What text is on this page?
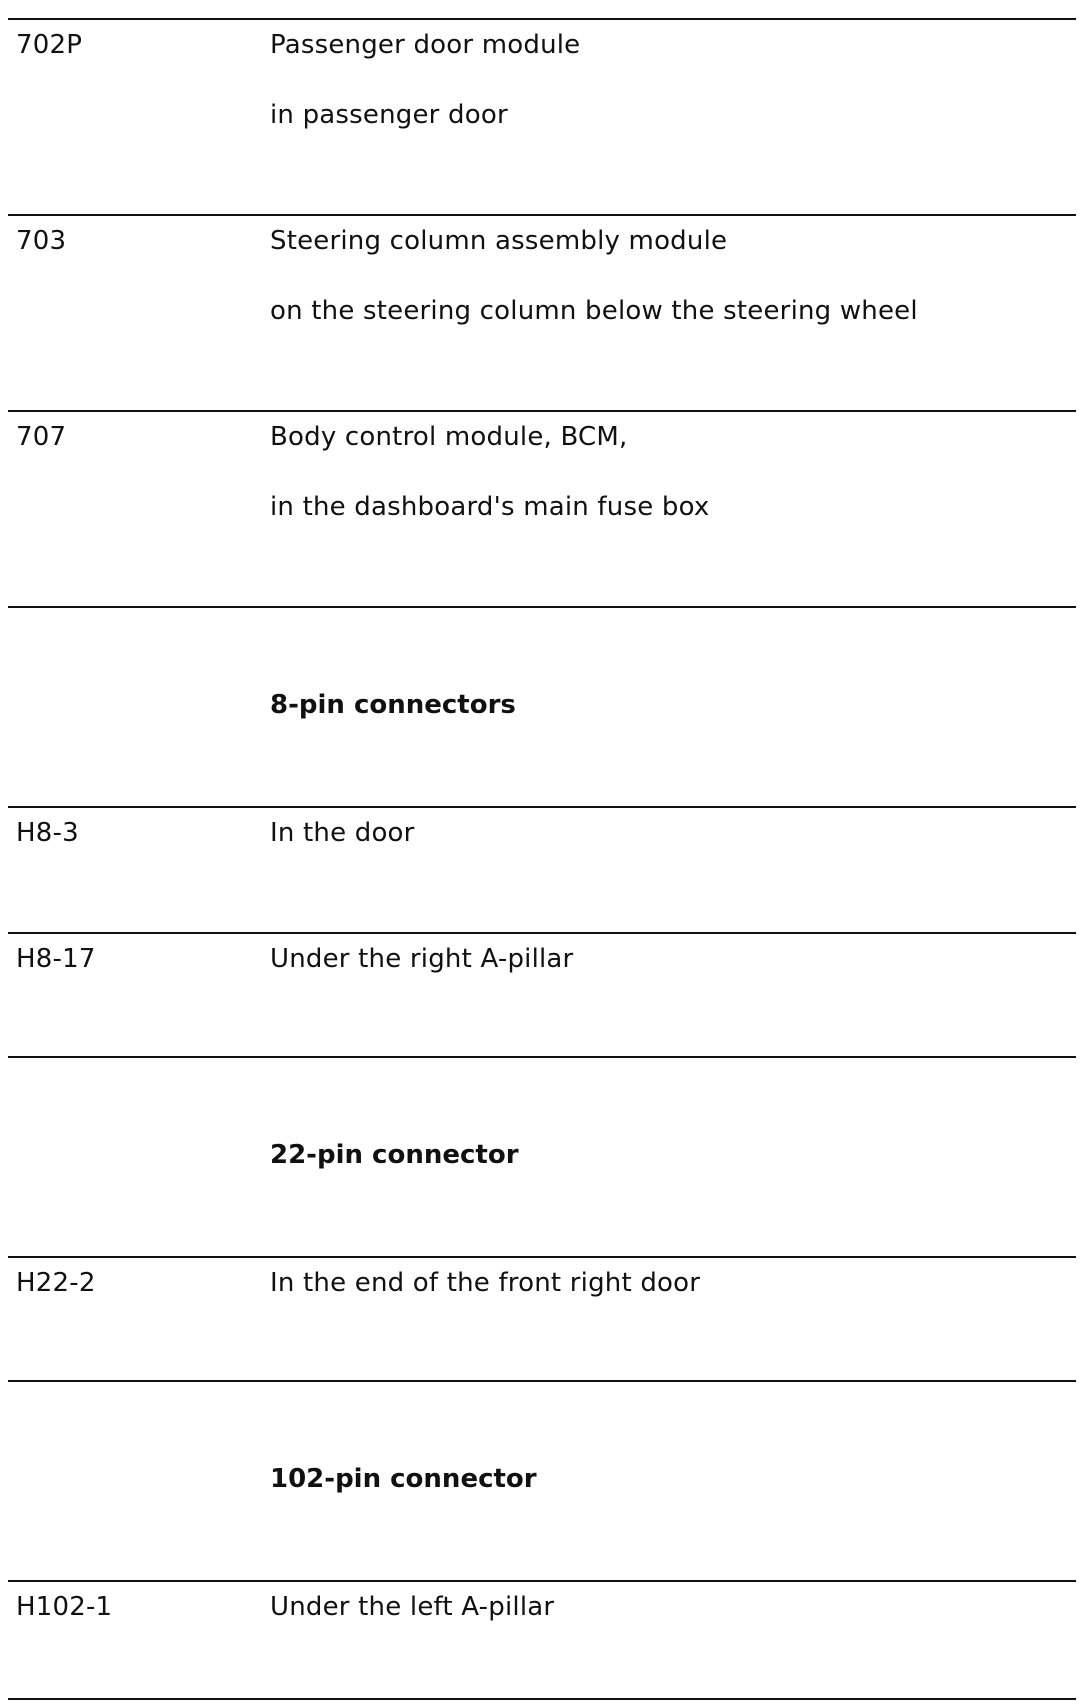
702P	Passenger door module
in passenger door
703	Steering column assembly module
on the steering column below the steering wheel
707	Body control module, BCM,
in the dashboard's main fuse box
8-pin connectors
H8-3	In the door
H8-17	Under the right A-pillar
22-pin connector
H22-2	In the end of the front right door
102-pin connector
H102-1	Under the left A-pillar
